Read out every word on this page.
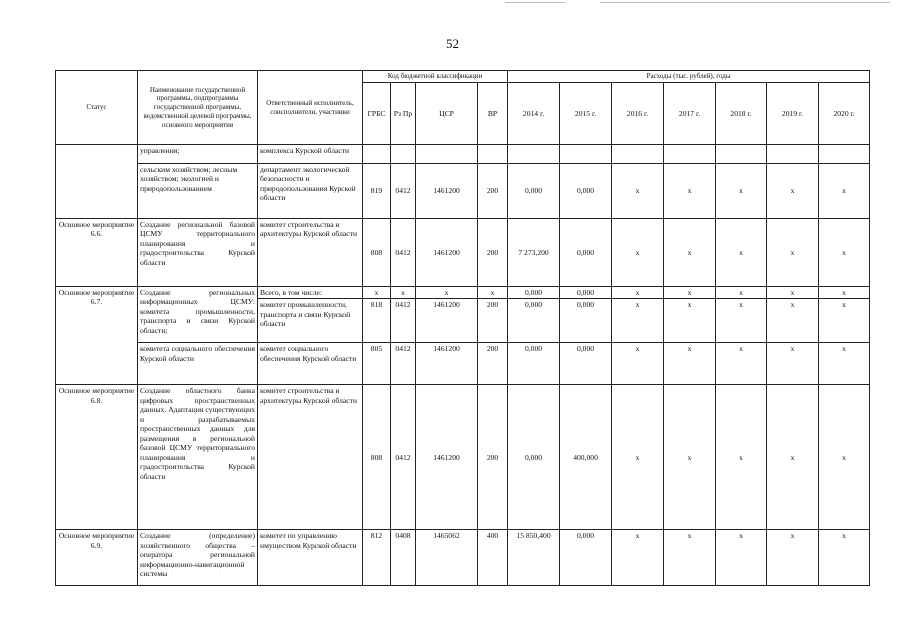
52
Статус	Наименование государственной программы, подпрограммы государственной программы, ведомственной целевой программы, основного мероприятия	Ответственный исполнитель, соисполнители, участники	Код бюджетной классификации				Расходы (тыс. рублей), годы						
			ГРБС	Рз Пр	ЦСР	ВР	2014 г.	2015 г.	2016 г.	2017 г.	2018 г.	2019 г.	2020 г.
	управления;	комплекса Курской области											
	сельским хозяйством; лесным хозяйством; экологией и природопользованием	департамент экологической безопасности и природопользования Курской области	819	0412	1461200	200	0,000	0,000	x	x	x	x	x
Основное мероприятие 6.6.	Создание региональной базовой ЦСМУ территориального планирования и градостроительства Курской области	комитет строительства и архитектуры Курской области	808	0412	1461200	200	7 273,200	0,000	x	x	x	x	x
Основное мероприятие 6.7.	Создание региональных информационных ЦСМУ: комитета промышленности, транспорта и связи Курской области;	Всего, в том числе:	x	x	x	x	0,000	0,000	x	x	x	x	x
		комитет промышленности, транспорта и связи Курской области	818	0412	1461200	200	0,000	0,000	x	x	x	x	x
	комитета социального обеспечения Курской области	комитет социального обеспечения Курской области	805	0412	1461200	200	0,000	0,000	x	x	x	x	x
Основное мероприятие 6.8.	Создание областного банка цифровых пространственных данных. Адаптация существующих и разрабатываемых пространственных данных для размещения в региональной базовой ЦСМУ территориального планирования и градостроительства Курской области	комитет строительства и архитектуры Курской области	808	0412	1461200	200	0,000	400,000	x	x	x	x	x
Основное мероприятие 6.9.	Создание (определение) хозяйственного общества – оператора региональной информационно-навигационной системы	комитет по управлению имуществом Курской области	812	0408	1465062	400	15 850,400	0,000	x	x	x	x	x
